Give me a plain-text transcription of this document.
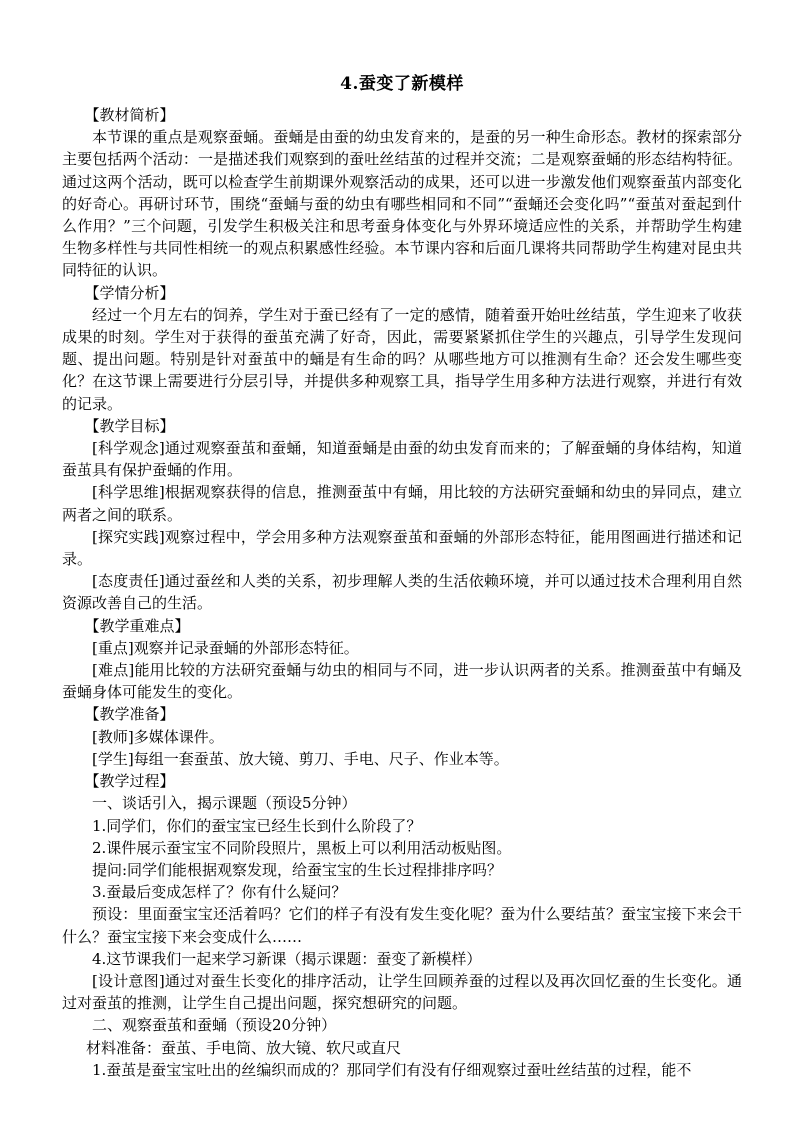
4.蚕变了新模样

【教材简析】

本节课的重点是观察蚕蛹。蚕蛹是由蚕的幼虫发育来的，是蚕的另一种生命形态。教材的探索部分主要包括两个活动：一是描述我们观察到的蚕吐丝结茧的过程并交流；二是观察蚕蛹的形态结构特征。通过这两个活动，既可以检查学生前期课外观察活动的成果，还可以进一步激发他们观察蚕茧内部变化的好奇心。再研讨环节，围绕“蚕蛹与蚕的幼虫有哪些相同和不同”“蚕蛹还会变化吗”“蚕茧对蚕起到什么作用？”三个问题，引发学生积极关注和思考蚕身体变化与外界环境适应性的关系，并帮助学生构建生物多样性与共同性相统一的观点积累感性经验。本节课内容和后面几课将共同帮助学生构建对昆虫共同特征的认识。

【学情分析】

经过一个月左右的饲养，学生对于蚕已经有了一定的感情，随着蚕开始吐丝结茧，学生迎来了收获成果的时刻。学生对于获得的蚕茧充满了好奇，因此，需要紧紧抓住学生的兴趣点，引导学生发现问题、提出问题。特别是针对蚕茧中的蛹是有生命的吗？从哪些地方可以推测有生命？还会发生哪些变化？在这节课上需要进行分层引导，并提供多种观察工具，指导学生用多种方法进行观察，并进行有效的记录。

【教学目标】

[科学观念]通过观察蚕茧和蚕蛹，知道蚕蛹是由蚕的幼虫发育而来的；了解蚕蛹的身体结构，知道蚕茧具有保护蚕蛹的作用。

[科学思维]根据观察获得的信息，推测蚕茧中有蛹，用比较的方法研究蚕蛹和幼虫的异同点，建立两者之间的联系。

[探究实践]观察过程中，学会用多种方法观察蚕茧和蚕蛹的外部形态特征，能用图画进行描述和记录。

[态度责任]通过蚕丝和人类的关系，初步理解人类的生活依赖环境，并可以通过技术合理利用自然资源改善自己的生活。

【教学重难点】

[重点]观察并记录蚕蛹的外部形态特征。

[难点]能用比较的方法研究蚕蛹与幼虫的相同与不同，进一步认识两者的关系。推测蚕茧中有蛹及蚕蛹身体可能发生的变化。

【教学准备】

[教师]多媒体课件。

[学生]每组一套蚕茧、放大镜、剪刀、手电、尺子、作业本等。

【教学过程】

一、谈话引入，揭示课题（预设5分钟）

1.同学们，你们的蚕宝宝已经生长到什么阶段了？

2.课件展示蚕宝宝不同阶段照片，黑板上可以利用活动板贴图。

提问:同学们能根据观察发现，给蚕宝宝的生长过程排排序吗？

3.蚕最后变成怎样了？你有什么疑问？

预设：里面蚕宝宝还活着吗？它们的样子有没有发生变化呢？蚕为什么要结茧？蚕宝宝接下来会干什么？蚕宝宝接下来会变成什么……

4.这节课我们一起来学习新课（揭示课题：蚕变了新模样）

[设计意图]通过对蚕生长变化的排序活动，让学生回顾养蚕的过程以及再次回忆蚕的生长变化。通过对蚕茧的推测，让学生自己提出问题，探究想研究的问题。

二、观察蚕茧和蚕蛹（预设20分钟）

材料准备：蚕茧、手电筒、放大镜、软尺或直尺

1.蚕茧是蚕宝宝吐出的丝编织而成的？那同学们有没有仔细观察过蚕吐丝结茧的过程，能不
